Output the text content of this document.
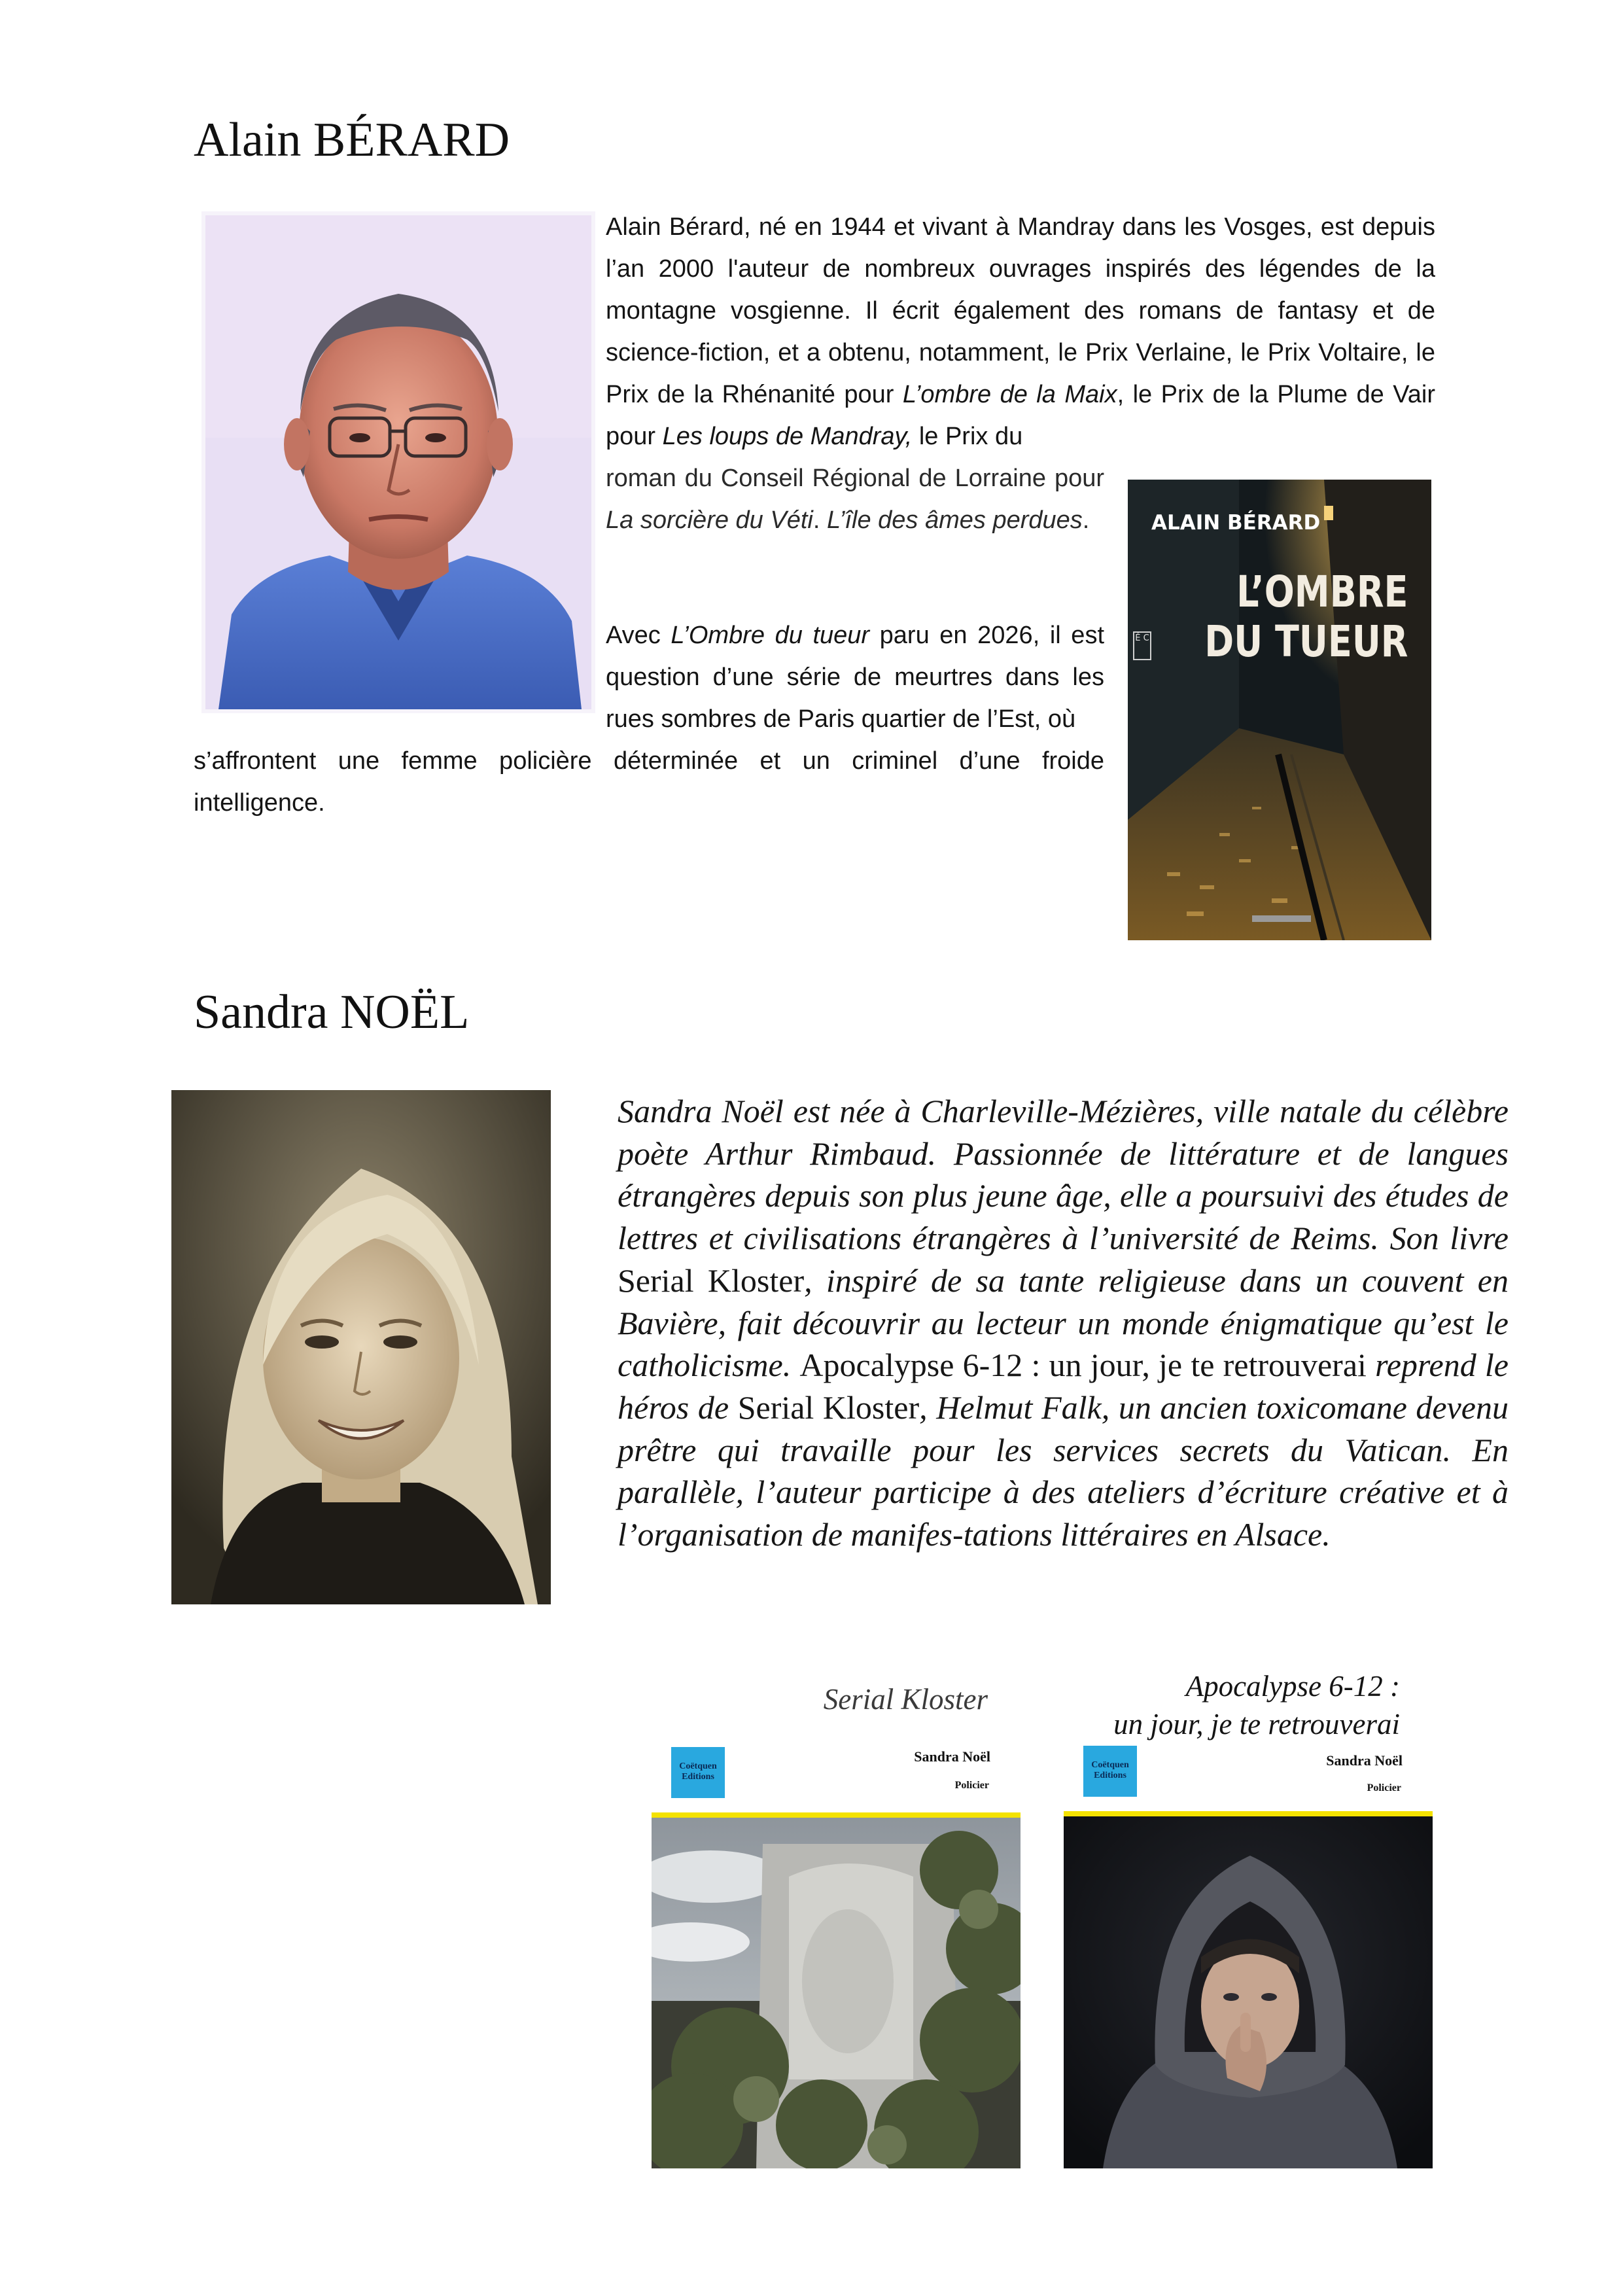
Alain BÉRARD

Alain Bérard, né en 1944 et vivant à Mandray dans les Vosges, est depuis l’an 2000 l'auteur de nombreux ouvrages inspirés des légendes de la montagne vosgienne. Il écrit également des romans de fantasy et de science-fiction, et a obtenu, notamment, le Prix Verlaine, le Prix Voltaire, le Prix de la Rhénanité pour L’ombre de la Maix, le Prix de la Plume de Vair pour Les loups de Mandray, le Prix du

roman du Conseil Régional de Lorraine pour La sorcière du Véti. L’île des âmes perdues.

Avec L’Ombre du tueur paru en 2026, il est question d’une série de meurtres dans les rues sombres de Paris quartier de l’Est, où

s’affrontent une femme policière déterminée et un criminel d’une froide intelligence.

ALAIN BÉRARD
L’OMBRE
DU TUEUR
É C
Sandra NOËL

Sandra Noël est née à Charleville-Mézières, ville natale du célèbre poète Arthur Rimbaud. Passionnée de littérature et de langues étrangères depuis son plus jeune âge, elle a poursuivi des études de lettres et civilisations étrangères à l’université de Reims. Son livre Serial Kloster, inspiré de sa tante religieuse dans un couvent en Bavière, fait découvrir au lecteur un monde énigmatique qu’est le catholicisme. Apocalypse 6-12 : un jour, je te retrouverai reprend le héros de Serial Kloster, Helmut Falk, un ancien toxicomane devenu prêtre qui travaille pour les services secrets du Vatican. En parallèle, l’auteur participe à des ateliers d’écriture créative et à l’organisation de manifes-tations littéraires en Alsace.

Serial Kloster
Coëtquen Editions
Sandra Noël
Policier
Apocalypse 6-12 :
un jour, je te retrouverai
Coëtquen Editions
Sandra Noël
Policier
